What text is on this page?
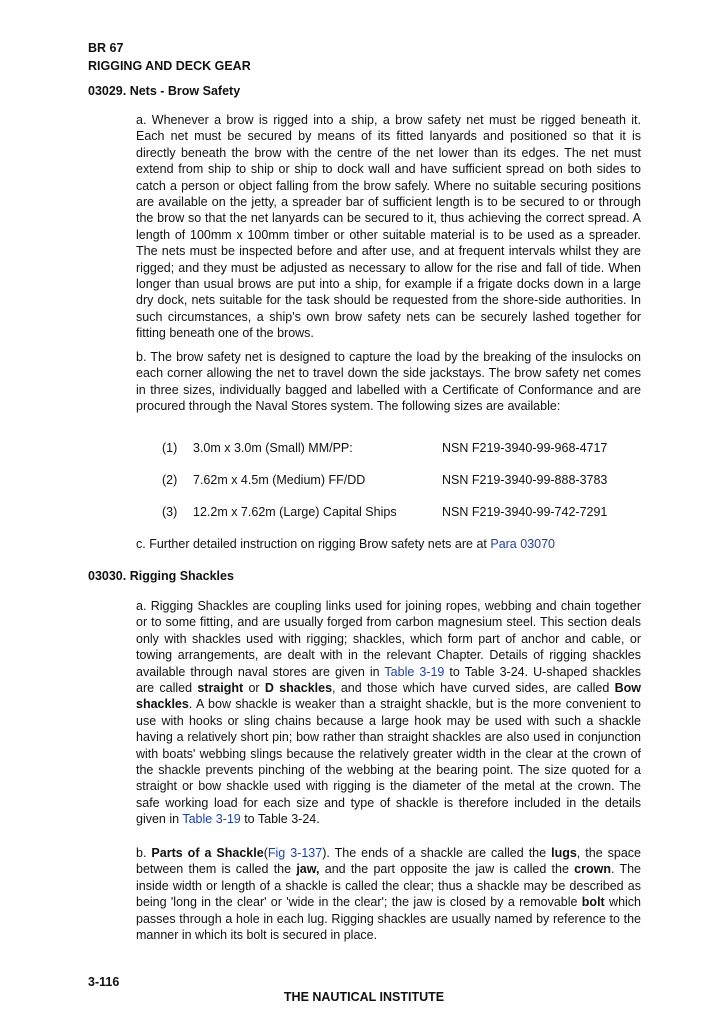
BR 67
RIGGING AND DECK GEAR
03029. Nets - Brow Safety
a. Whenever a brow is rigged into a ship, a brow safety net must be rigged beneath it. Each net must be secured by means of its fitted lanyards and positioned so that it is directly beneath the brow with the centre of the net lower than its edges. The net must extend from ship to ship or ship to dock wall and have sufficient spread on both sides to catch a person or object falling from the brow safely. Where no suitable securing positions are available on the jetty, a spreader bar of sufficient length is to be secured to or through the brow so that the net lanyards can be secured to it, thus achieving the correct spread. A length of 100mm x 100mm timber or other suitable material is to be used as a spreader. The nets must be inspected before and after use, and at frequent intervals whilst they are rigged; and they must be adjusted as necessary to allow for the rise and fall of tide. When longer than usual brows are put into a ship, for example if a frigate docks down in a large dry dock, nets suitable for the task should be requested from the shore-side authorities. In such circumstances, a ship's own brow safety nets can be securely lashed together for fitting beneath one of the brows.
b. The brow safety net is designed to capture the load by the breaking of the insulocks on each corner allowing the net to travel down the side jackstays. The brow safety net comes in three sizes, individually bagged and labelled with a Certificate of Conformance and are procured through the Naval Stores system. The following sizes are available:
(1) 3.0m x 3.0m (Small) MM/PP:	NSN F219-3940-99-968-4717
(2) 7.62m x 4.5m (Medium) FF/DD	NSN F219-3940-99-888-3783
(3) 12.2m x 7.62m (Large) Capital Ships	NSN F219-3940-99-742-7291
c. Further detailed instruction on rigging Brow safety nets are at Para 03070
03030. Rigging Shackles
a. Rigging Shackles are coupling links used for joining ropes, webbing and chain together or to some fitting, and are usually forged from carbon magnesium steel. This section deals only with shackles used with rigging; shackles, which form part of anchor and cable, or towing arrangements, are dealt with in the relevant Chapter. Details of rigging shackles available through naval stores are given in Table 3-19 to Table 3-24. U-shaped shackles are called straight or D shackles, and those which have curved sides, are called Bow shackles. A bow shackle is weaker than a straight shackle, but is the more convenient to use with hooks or sling chains because a large hook may be used with such a shackle having a relatively short pin; bow rather than straight shackles are also used in conjunction with boats' webbing slings because the relatively greater width in the clear at the crown of the shackle prevents pinching of the webbing at the bearing point. The size quoted for a straight or bow shackle used with rigging is the diameter of the metal at the crown. The safe working load for each size and type of shackle is therefore included in the details given in Table 3-19 to Table 3-24.
b. Parts of a Shackle(Fig 3-137). The ends of a shackle are called the lugs, the space between them is called the jaw, and the part opposite the jaw is called the crown. The inside width or length of a shackle is called the clear; thus a shackle may be described as being 'long in the clear' or 'wide in the clear'; the jaw is closed by a removable bolt which passes through a hole in each lug. Rigging shackles are usually named by reference to the manner in which its bolt is secured in place.
3-116
THE NAUTICAL INSTITUTE
